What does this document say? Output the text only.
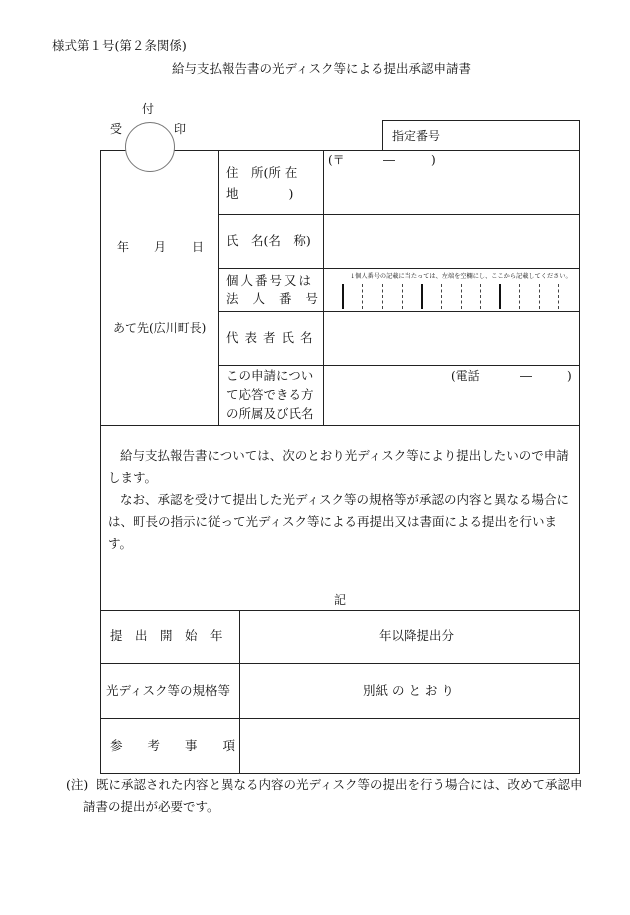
様式第１号(第２条関係)
給与支払報告書の光ディスク等による提出承認申請書
付
受	印	指定番号
年 月 日
あて先(広川町長)
住　所(所 在
地　　　　)
(〒	―	)
氏　名(名　称)
個人番号又は
法人番号
↓個人番号の記載に当たっては、左端を空欄にし、ここから記載してください。
代表者氏名
この申請につい
て応答できる方
の所属及び氏名
(電話	―	)
給与支払報告書については、次のとおり光ディスク等により提出したいので申請します。
なお、承認を受けて提出した光ディスク等の規格等が承認の内容と異なる場合には、町長の指示に従って光ディスク等による再提出又は書面による提出を行います。
記
提　出　開　始　年	年以降提出分
光ディスク等の規格等	別紙 の と お り
参　　考　　事　　項
(注) 既に承認された内容と異なる内容の光ディスク等の提出を行う場合には、改めて承認申
請書の提出が必要です。
